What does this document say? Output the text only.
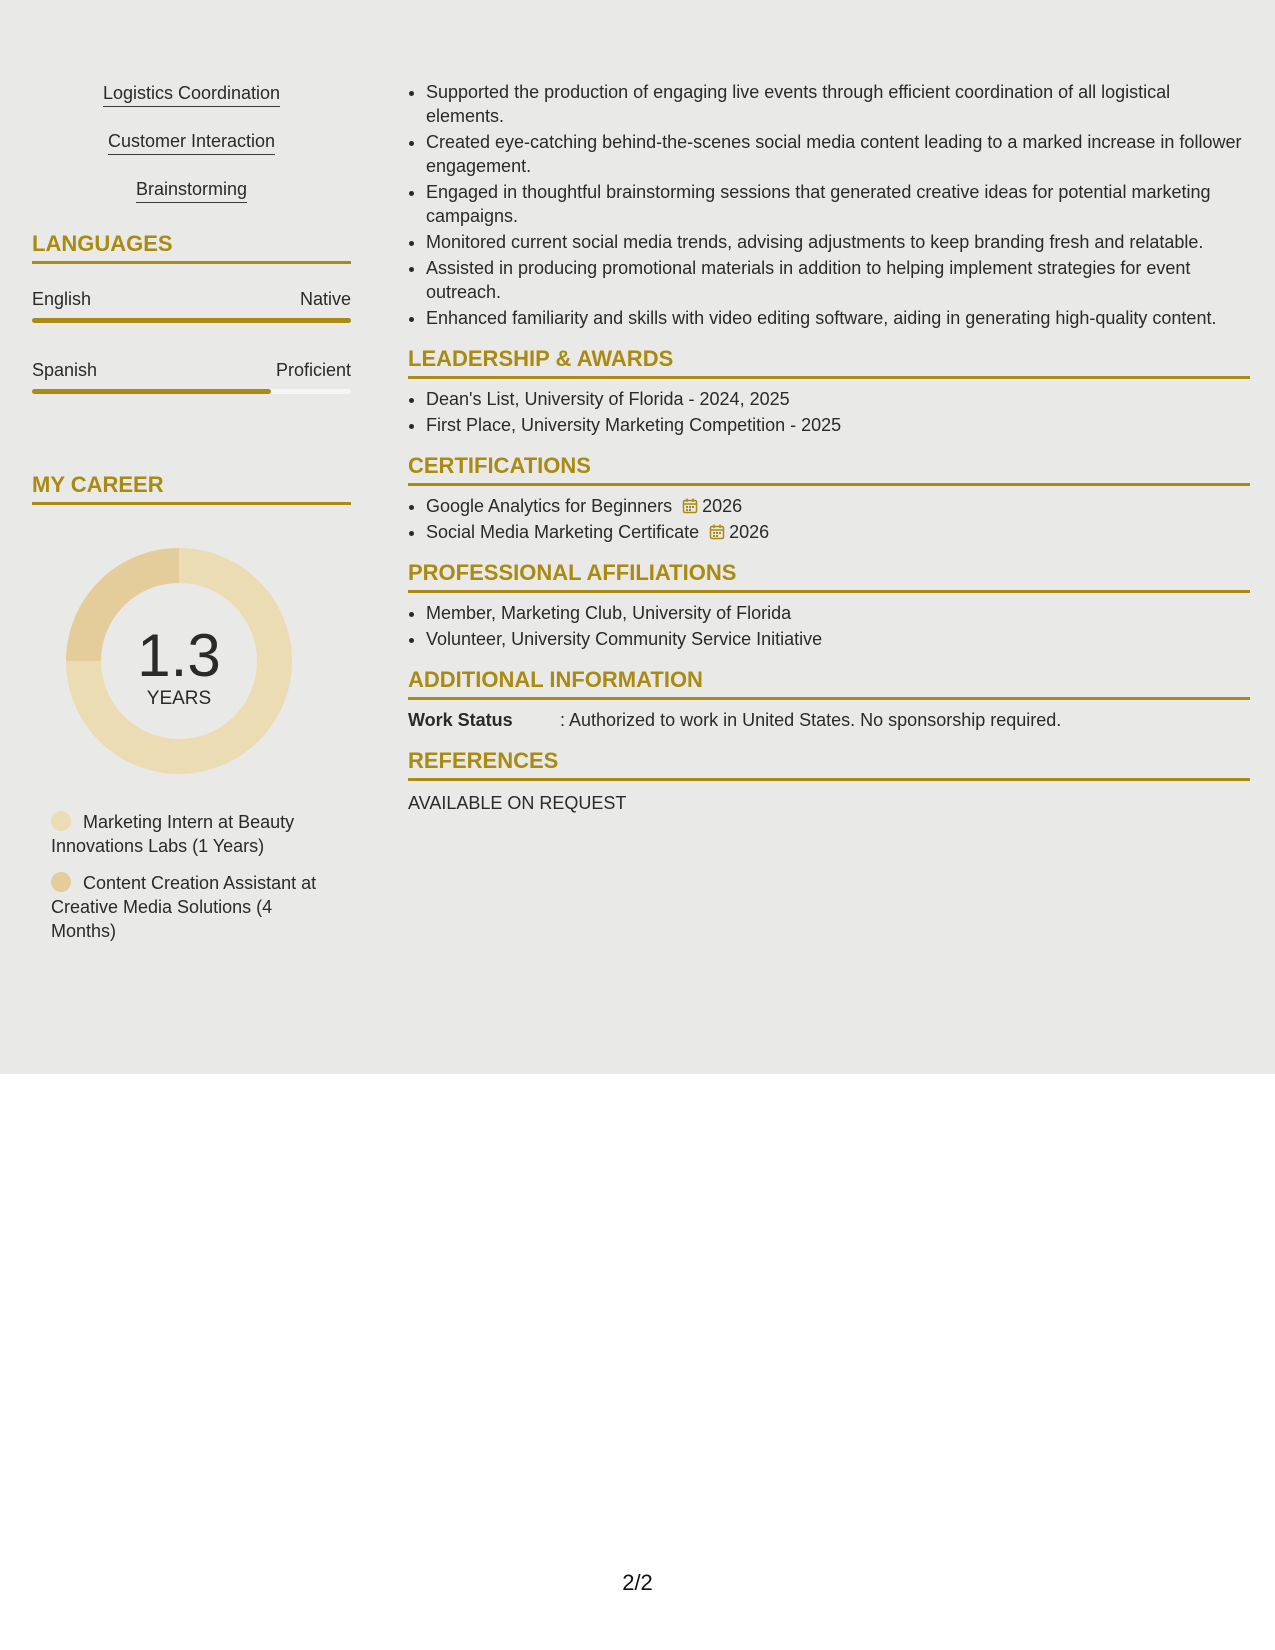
Logistics Coordination
Customer Interaction
Brainstorming
LANGUAGES
English	Native
Spanish	Proficient
MY CAREER
1.3
YEARS
Marketing Intern at Beauty Innovations Labs (1 Years)
Content Creation Assistant at Creative Media Solutions (4 Months)
• Supported the production of engaging live events through efficient coordination of all logistical elements.
• Created eye-catching behind-the-scenes social media content leading to a marked increase in follower engagement.
• Engaged in thoughtful brainstorming sessions that generated creative ideas for potential marketing campaigns.
• Monitored current social media trends, advising adjustments to keep branding fresh and relatable.
• Assisted in producing promotional materials in addition to helping implement strategies for event outreach.
• Enhanced familiarity and skills with video editing software, aiding in generating high-quality content.
LEADERSHIP & AWARDS
• Dean's List, University of Florida - 2024, 2025
• First Place, University Marketing Competition - 2025
CERTIFICATIONS
• Google Analytics for Beginners 2026
• Social Media Marketing Certificate 2026
PROFESSIONAL AFFILIATIONS
• Member, Marketing Club, University of Florida
• Volunteer, University Community Service Initiative
ADDITIONAL INFORMATION
Work Status	: Authorized to work in United States. No sponsorship required.
REFERENCES
AVAILABLE ON REQUEST
2/2
